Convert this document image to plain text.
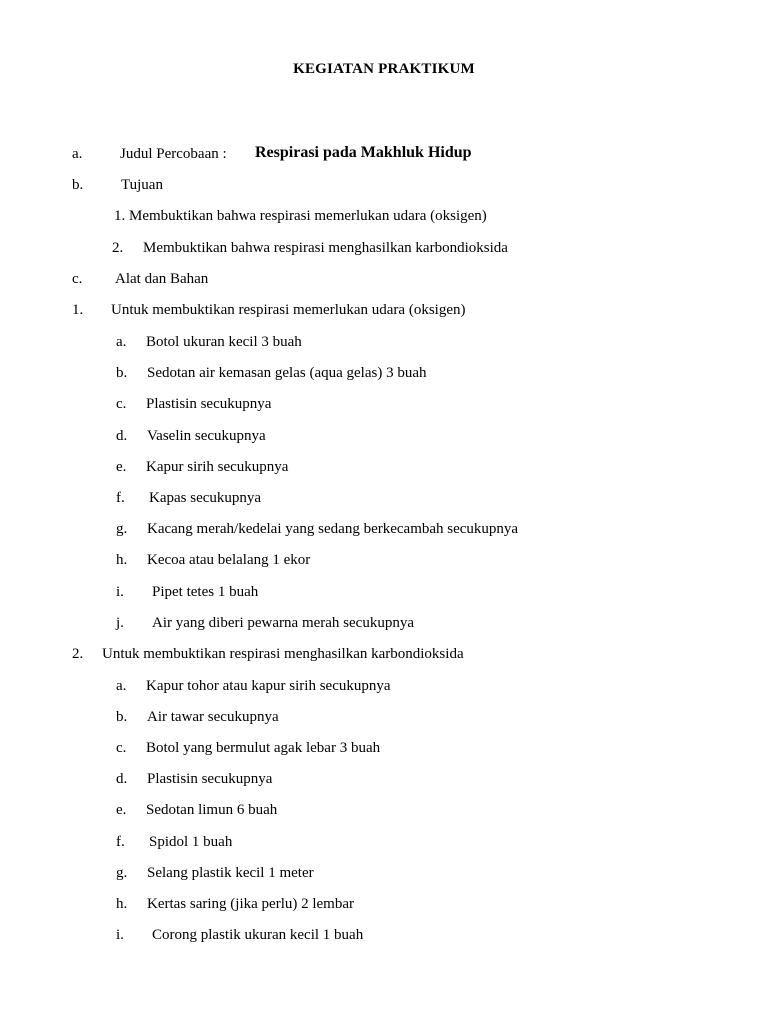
KEGIATAN PRAKTIKUM
a.	Judul Percobaan : Respirasi pada Makhluk Hidup
b.	Tujuan
1. Membuktikan bahwa respirasi memerlukan udara (oksigen)
2. Membuktikan bahwa respirasi menghasilkan karbondioksida
c. Alat dan Bahan
1. Untuk membuktikan respirasi memerlukan udara (oksigen)
a. Botol ukuran kecil 3 buah
b. Sedotan air kemasan gelas (aqua gelas) 3 buah
c. Plastisin secukupnya
d. Vaselin secukupnya
e. Kapur sirih secukupnya
f. Kapas secukupnya
g. Kacang merah/kedelai yang sedang berkecambah secukupnya
h. Kecoa atau belalang 1 ekor
i. Pipet tetes 1 buah
j. Air yang diberi pewarna merah secukupnya
2. Untuk membuktikan respirasi menghasilkan karbondioksida
a. Kapur tohor atau kapur sirih secukupnya
b. Air tawar secukupnya
c. Botol yang bermulut agak lebar 3 buah
d. Plastisin secukupnya
e. Sedotan limun 6 buah
f. Spidol 1 buah
g. Selang plastik kecil 1 meter
h. Kertas saring (jika perlu) 2 lembar
i. Corong plastik ukuran kecil 1 buah
